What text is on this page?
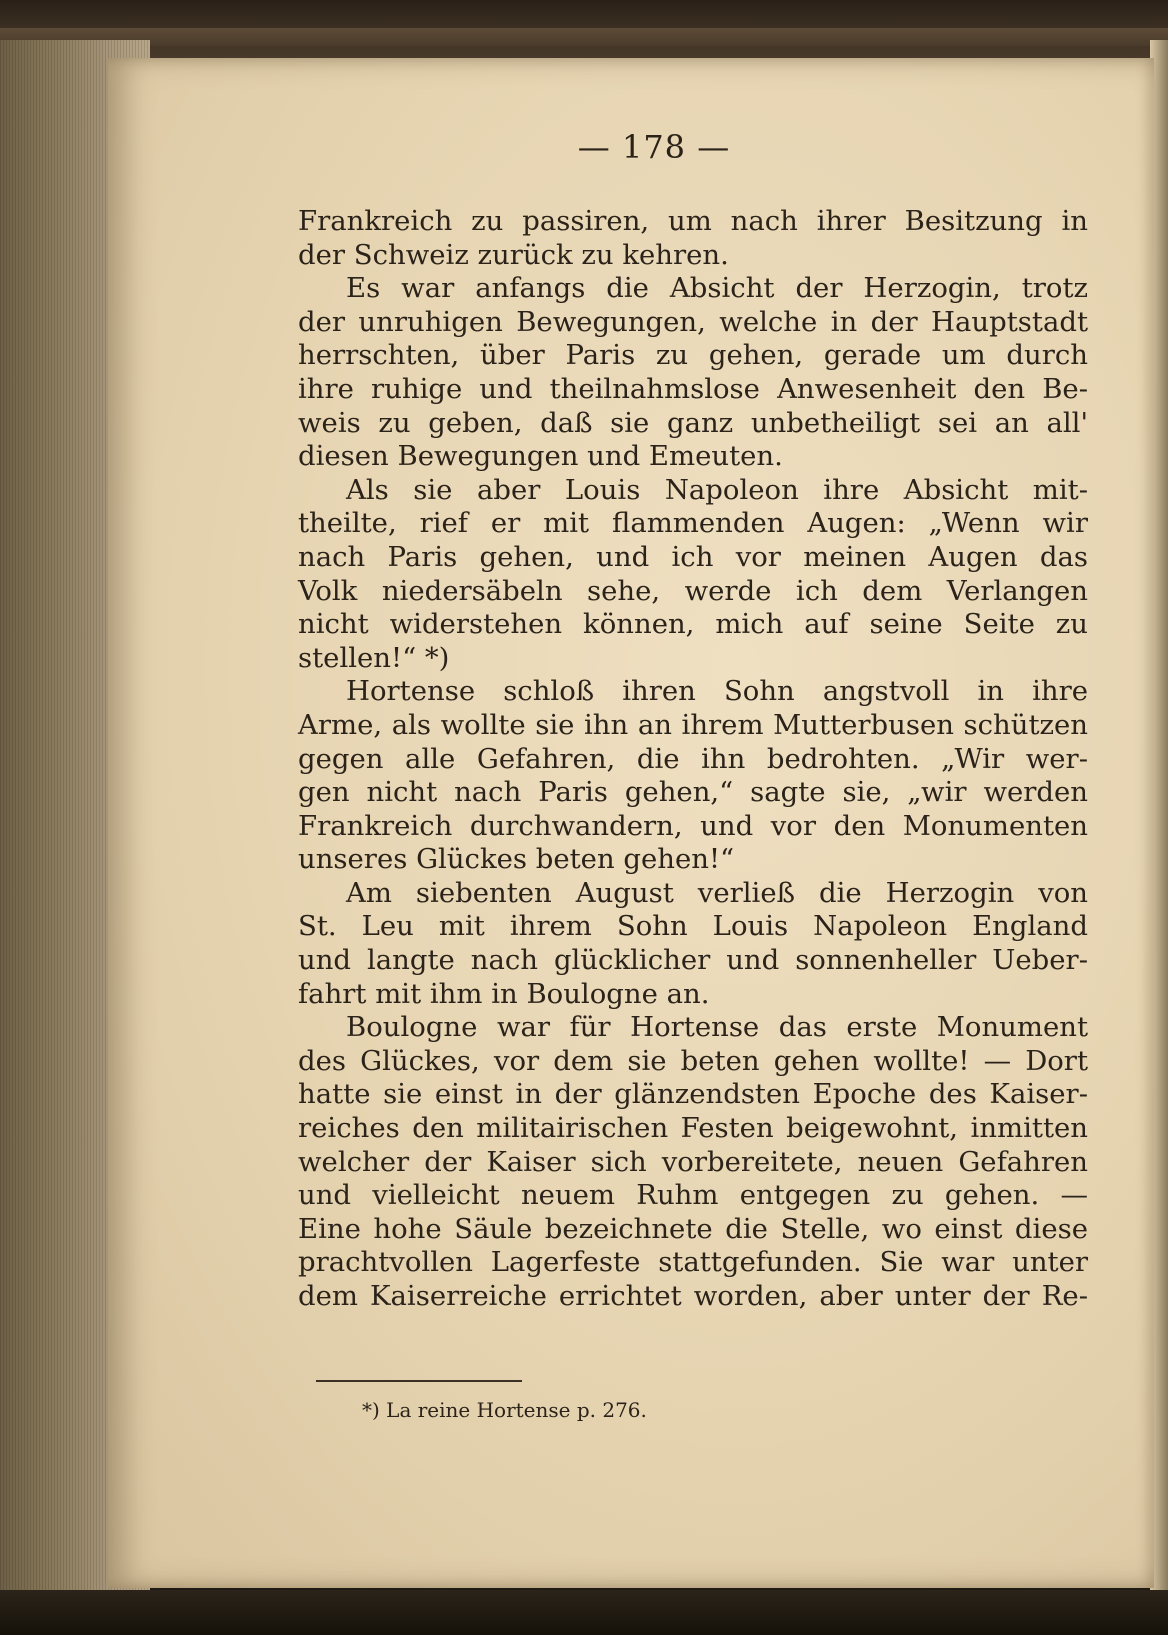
— 178 —
Frankreich zu passiren, um nach ihrer Besitzung in
der Schweiz zurück zu kehren.
Es war anfangs die Absicht der Herzogin, trotz
der unruhigen Bewegungen, welche in der Hauptstadt
herrschten, über Paris zu gehen, gerade um durch
ihre ruhige und theilnahmslose Anwesenheit den Be-
weis zu geben, daß sie ganz unbetheiligt sei an all'
diesen Bewegungen und Emeuten.
Als sie aber Louis Napoleon ihre Absicht mit-
theilte, rief er mit flammenden Augen: „Wenn wir
nach Paris gehen, und ich vor meinen Augen das
Volk niedersäbeln sehe, werde ich dem Verlangen
nicht widerstehen können, mich auf seine Seite zu
stellen!“ *)
Hortense schloß ihren Sohn angstvoll in ihre
Arme, als wollte sie ihn an ihrem Mutterbusen schützen
gegen alle Gefahren, die ihn bedrohten. „Wir wer-
gen nicht nach Paris gehen,“ sagte sie, „wir werden
Frankreich durchwandern, und vor den Monumenten
unseres Glückes beten gehen!“
Am siebenten August verließ die Herzogin von
St. Leu mit ihrem Sohn Louis Napoleon England
und langte nach glücklicher und sonnenheller Ueber-
fahrt mit ihm in Boulogne an.
Boulogne war für Hortense das erste Monument
des Glückes, vor dem sie beten gehen wollte! — Dort
hatte sie einst in der glänzendsten Epoche des Kaiser-
reiches den militairischen Festen beigewohnt, inmitten
welcher der Kaiser sich vorbereitete, neuen Gefahren
und vielleicht neuem Ruhm entgegen zu gehen. —
Eine hohe Säule bezeichnete die Stelle, wo einst diese
prachtvollen Lagerfeste stattgefunden. Sie war unter
dem Kaiserreiche errichtet worden, aber unter der Re-
*) La reine Hortense p. 276.
